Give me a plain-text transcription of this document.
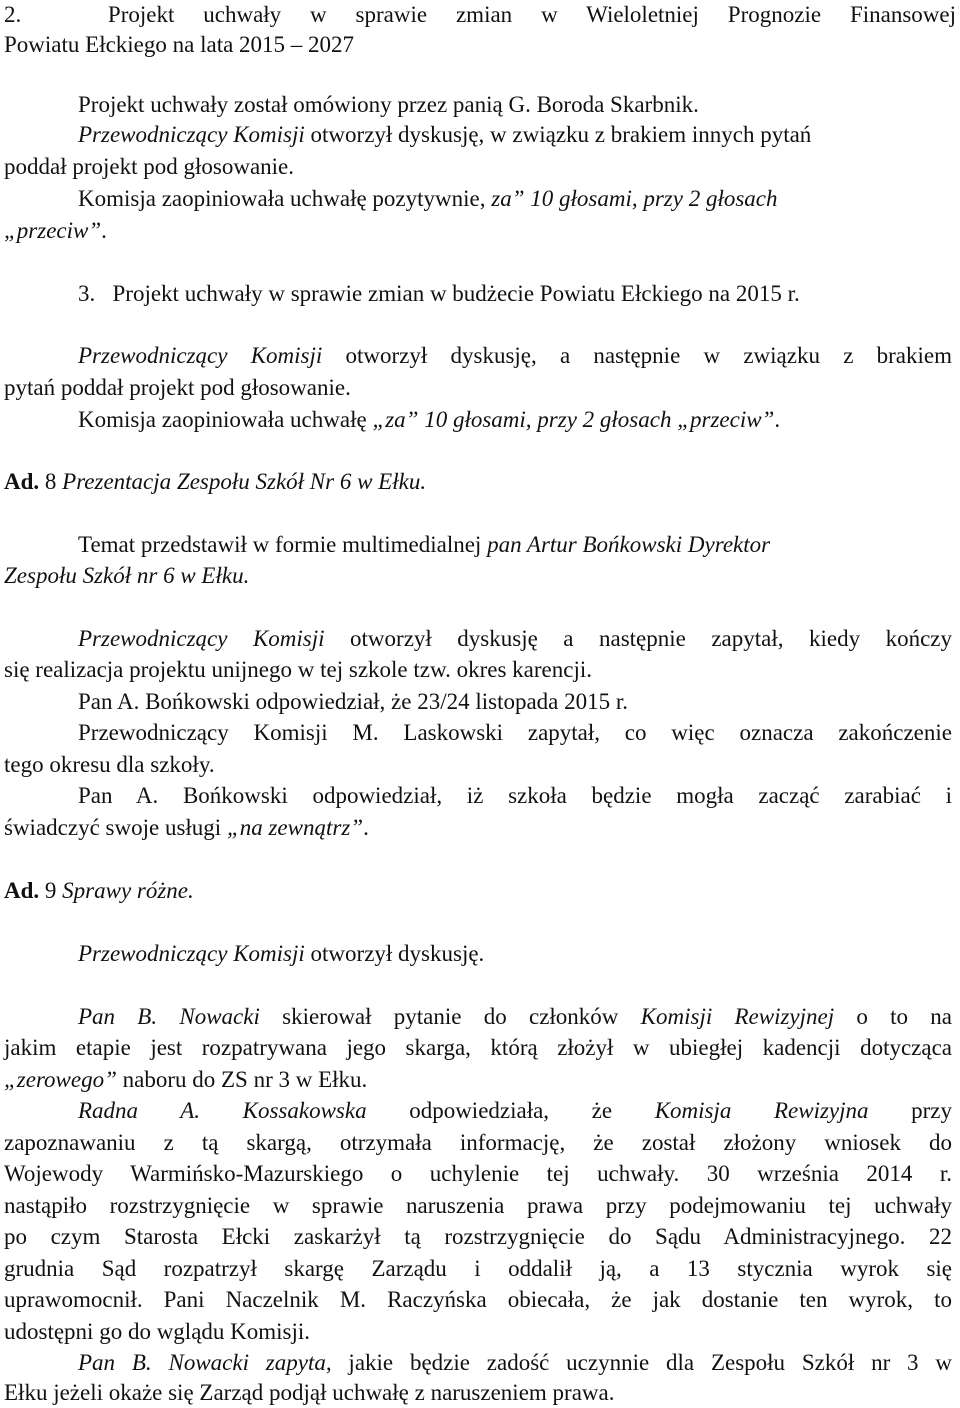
2.	Projekt uchwały w sprawie zmian w Wieloletniej Prognozie Finansowej
Powiatu Ełckiego na lata 2015 – 2027
Projekt uchwały został omówiony przez panią G. Boroda Skarbnik.
Przewodniczący Komisji otworzył dyskusję, w związku z brakiem innych pytań
poddał projekt pod głosowanie.
Komisja zaopiniowała uchwałę pozytywnie, za” 10 głosami, przy 2 głosach
„przeciw”.
3. Projekt uchwały w sprawie zmian w budżecie Powiatu Ełckiego na 2015 r.
Przewodniczący Komisji otworzył dyskusję, a następnie w związku z brakiem
pytań poddał projekt pod głosowanie.
Komisja zaopiniowała uchwałę „za” 10 głosami, przy 2 głosach „przeciw”.
Ad. 8 Prezentacja Zespołu Szkół Nr 6 w Ełku.
Temat przedstawił w formie multimedialnej pan Artur Bońkowski Dyrektor
Zespołu Szkół nr 6 w Ełku.
Przewodniczący Komisji otworzył dyskusję a następnie zapytał, kiedy kończy
się realizacja projektu unijnego w tej szkole tzw. okres karencji.
Pan A. Bońkowski odpowiedział, że 23/24 listopada 2015 r.
Przewodniczący Komisji M. Laskowski zapytał, co więc oznacza zakończenie
tego okresu dla szkoły.
Pan A. Bońkowski odpowiedział, iż szkoła będzie mogła zacząć zarabiać i
świadczyć swoje usługi „na zewnątrz”.
Ad. 9 Sprawy różne.
Przewodniczący Komisji otworzył dyskusję.
Pan B. Nowacki skierował pytanie do członków Komisji Rewizyjnej o to na
jakim etapie jest rozpatrywana jego skarga, którą złożył w ubiegłej kadencji dotycząca
„zerowego” naboru do ZS nr 3 w Ełku.
Radna A. Kossakowska odpowiedziała, że Komisja Rewizyjna przy
zapoznawaniu z tą skargą, otrzymała informację, że został złożony wniosek do
Wojewody Warmińsko-Mazurskiego o uchylenie tej uchwały. 30 września 2014 r.
nastąpiło rozstrzygnięcie w sprawie naruszenia prawa przy podejmowaniu tej uchwały
po czym Starosta Ełcki zaskarżył tą rozstrzygnięcie do Sądu Administracyjnego. 22
grudnia Sąd rozpatrzył skargę Zarządu i oddalił ją, a 13 stycznia wyrok się
uprawomocnił. Pani Naczelnik M. Raczyńska obiecała, że jak dostanie ten wyrok, to
udostępni go do wglądu Komisji.
Pan B. Nowacki zapyta, jakie będzie zadość uczynnie dla Zespołu Szkół nr 3 w
Ełku jeżeli okaże się Zarząd podjął uchwałę z naruszeniem prawa.
